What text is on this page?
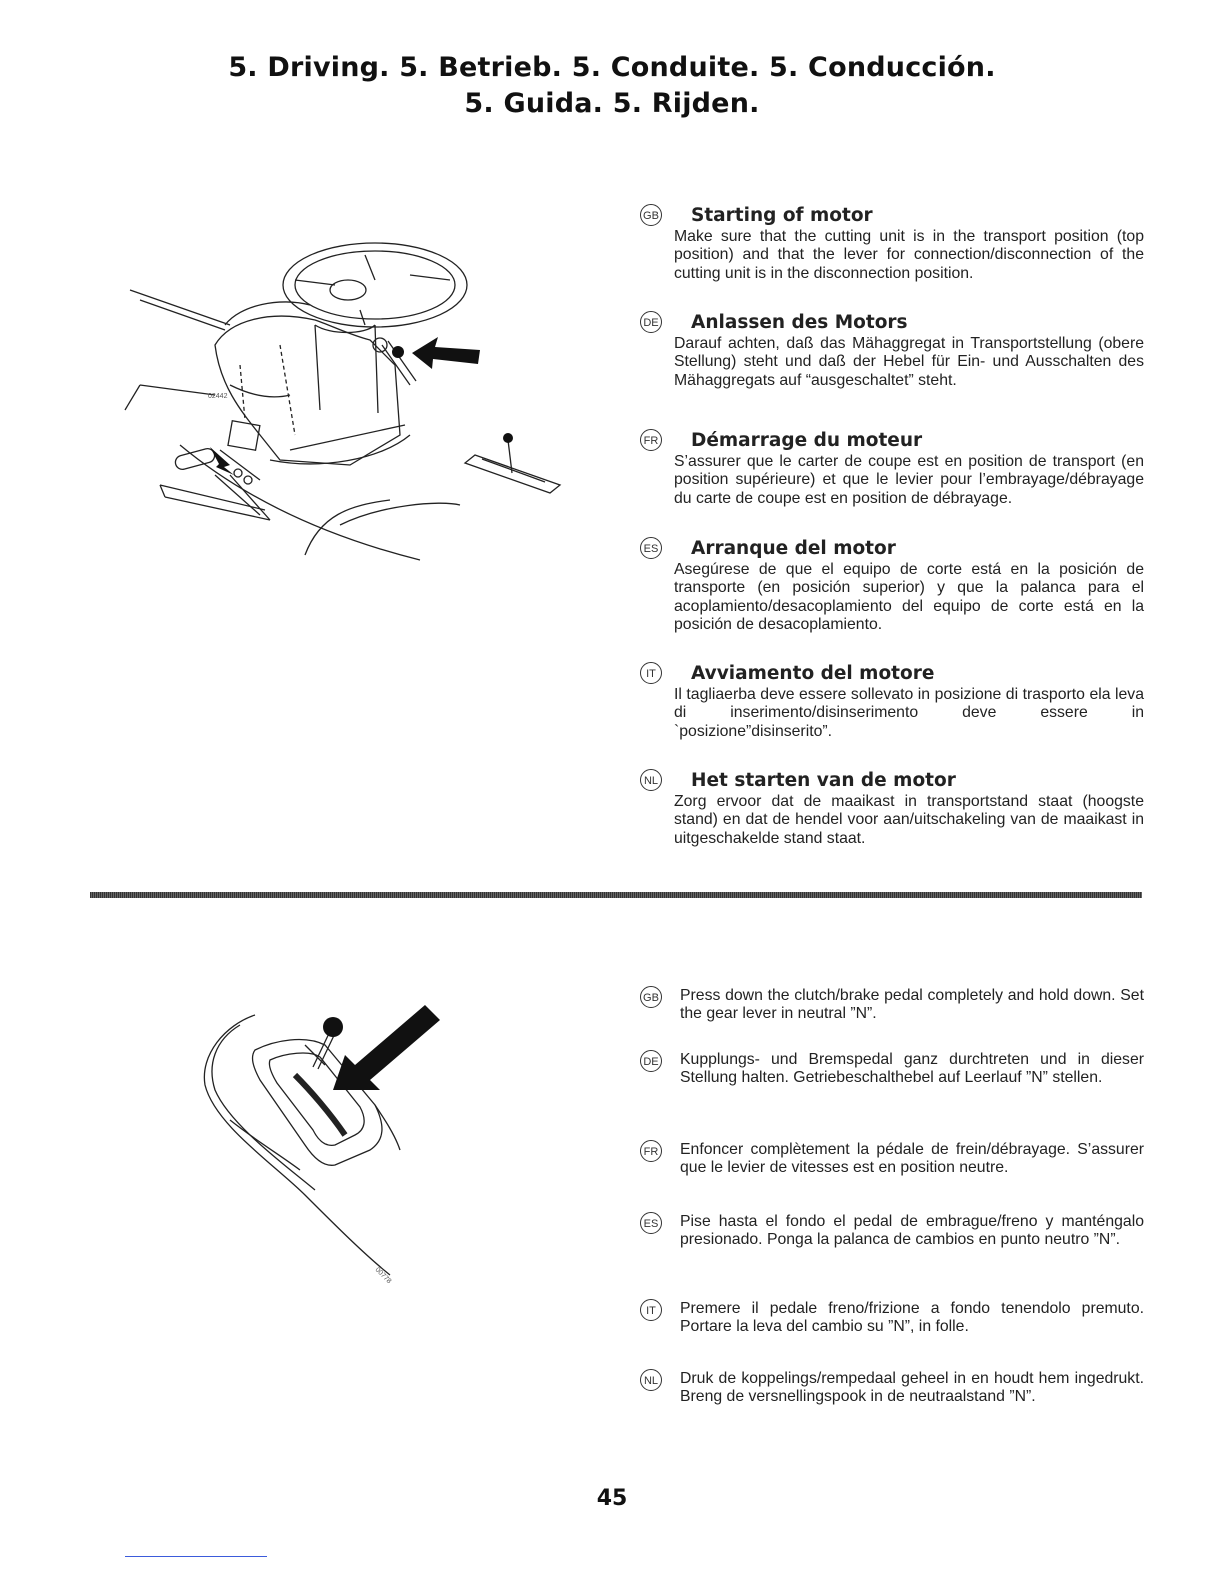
5. Driving. 5. Betrieb. 5. Conduite. 5. Conducción.
5. Guida. 5. Rijden.
02442
GB Starting of motor
Make sure that the cutting unit is in the transport position (top position) and that the lever for connection/disconnection of the cutting unit is in the disconnection position.
DE Anlassen des Motors
Darauf achten, daß das Mähaggregat in Transportstellung (obere Stellung) steht und daß der Hebel für Ein- und Ausschalten des Mähaggregats auf “ausgeschaltet” steht.
FR Démarrage du moteur
S’assurer que le carter de coupe est en position de transport (en position supérieure) et que le levier pour l’embrayage/débrayage du carte de coupe est en position de débrayage.
ES Arranque del motor
Asegúrese de que el equipo de corte está en la posición de transporte (en posición superior) y que la palanca para el acoplamiento/desacoplamiento del equipo de corte está en la posición de desacoplamiento.
IT	Avviamento del motore
Il tagliaerba deve essere sollevato in posizione di trasporto ela leva di inserimento/disinserimento deve essere in `posizione”disinserito”.
NL Het starten van de motor
Zorg ervoor dat de maaikast in transportstand staat (hoogste stand) en dat de hendel voor aan/uitschakeling van de maaikast in uitgeschakelde stand staat.
00778
GB Press down the clutch/brake pedal completely and hold down. Set the gear lever in neutral ”N”.
DE Kupplungs- und Bremspedal ganz durchtreten und in dieser Stellung halten. Getriebeschalthebel auf Leerlauf ”N” stellen.
FR Enfoncer complètement la pédale de frein/débrayage. S’assurer que le levier de vitesses est en position neutre.
ES Pise hasta el fondo el pedal de embrague/freno y manténgalo presionado. Ponga la palanca de cambios en punto neutro ”N”.
IT	Premere il pedale freno/frizione a fondo tenendolo premuto. Portare la leva del cambio su ”N”, in folle.
NL Druk de koppelings/rempedaal geheel in en houdt hem ingedrukt. Breng de versnellingspook in de neutraalstand ”N”.
45
